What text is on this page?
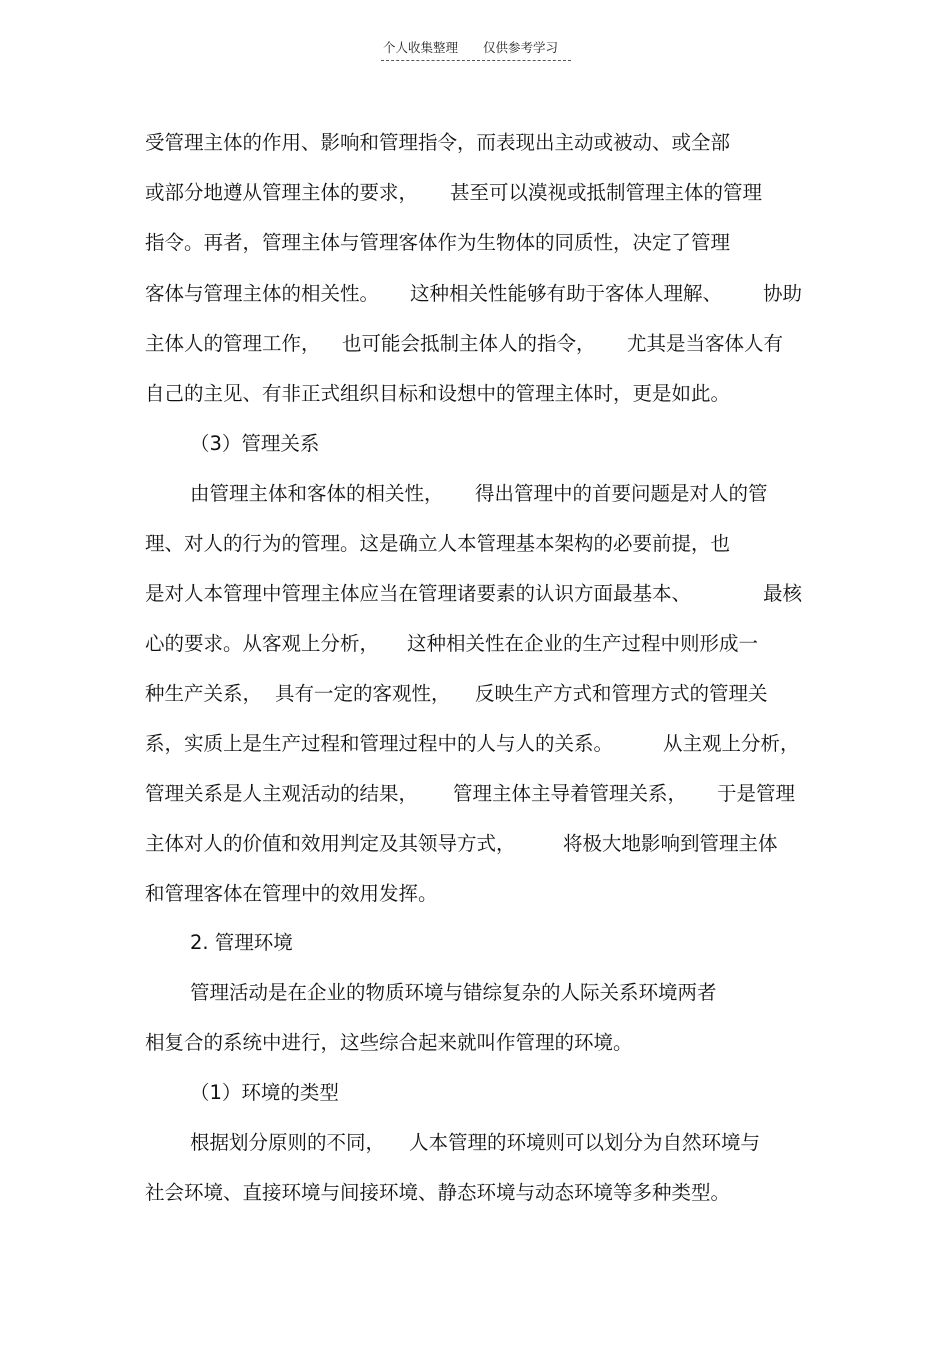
个人收集整理 仅供参考学习
受管理主体的作用、影响和管理指令，而表现出主动或被动、或全部
或部分地遵从管理主体的要求， 甚至可以漠视或抵制管理主体的管理
指令。再者，管理主体与管理客体作为生物体的同质性，决定了管理
客体与管理主体的相关性。 这种相关性能够有助于客体人理解、 协助
主体人的管理工作， 也可能会抵制主体人的指令， 尤其是当客体人有
自己的主见、有非正式组织目标和设想中的管理主体时，更是如此。
（3）管理关系
由管理主体和客体的相关性， 得出管理中的首要问题是对人的管
理、对人的行为的管理。这是确立人本管理基本架构的必要前提，也
是对人本管理中管理主体应当在管理诸要素的认识方面最基本、	最核
心的要求。从客观上分析， 这种相关性在企业的生产过程中则形成一
种生产关系， 具有一定的客观性， 反映生产方式和管理方式的管理关
系，实质上是生产过程和管理过程中的人与人的关系。	从主观上分析，
管理关系是人主观活动的结果， 管理主体主导着管理关系， 于是管理
主体对人的价值和效用判定及其领导方式， 将极大地影响到管理主体
和管理客体在管理中的效用发挥。
2. 管理环境
管理活动是在企业的物质环境与错综复杂的人际关系环境两者
相复合的系统中进行，这些综合起来就叫作管理的环境。
（1）环境的类型
根据划分原则的不同， 人本管理的环境则可以划分为自然环境与
社会环境、直接环境与间接环境、静态环境与动态环境等多种类型。
